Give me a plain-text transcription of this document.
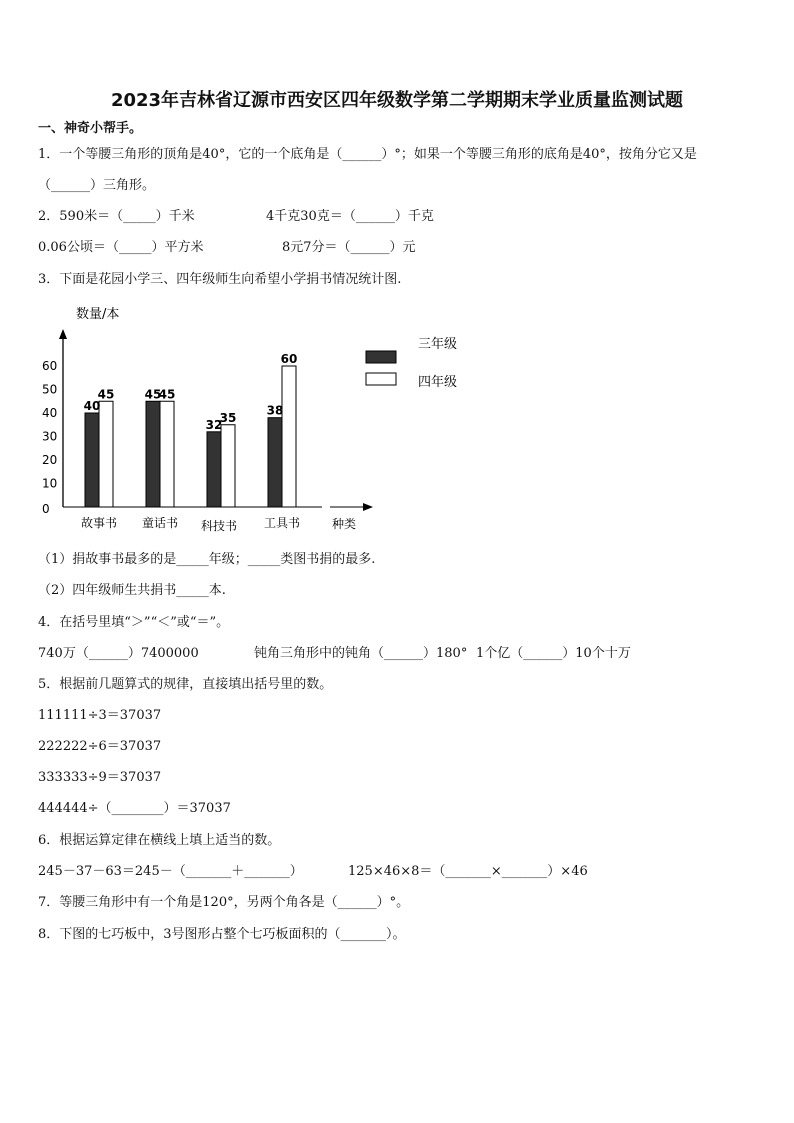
2023年吉林省辽源市西安区四年级数学第二学期期末学业质量监测试题
一、神奇小帮手。
1．一个等腰三角形的顶角是40°，它的一个底角是（______）°；如果一个等腰三角形的底角是40°，按角分它又是
（______）三角形。
2．590米＝（_____）千米	4千克30克＝（______）千克
0.06公顷＝（_____）平方米	8元7分＝（______）元
3．下面是花园小学三、四年级师生向希望小学捐书情况统计图.
数量/本
种类
0
10
20
30
40
50
60
40
45
故事书
45
45
童话书
32
35
科技书
38
60
工具书
三年级
四年级
（1）捐故事书最多的是_____年级；_____类图书捐的最多.
（2）四年级师生共捐书_____本.
4．在括号里填“＞”“＜”或“＝”。
740万（______）7400000	钝角三角形中的钝角（______）180° 1个亿（______）10个十万
5．根据前几题算式的规律，直接填出括号里的数。
111111÷3＝37037
222222÷6＝37037
333333÷9＝37037
444444÷（________）＝37037
6．根据运算定律在横线上填上适当的数。
245－37－63＝245－（_______＋_______）	125×46×8＝（_______×_______）×46
7．等腰三角形中有一个角是120°，另两个角各是（______）°。
8．下图的七巧板中，3号图形占整个七巧板面积的（_______）。
